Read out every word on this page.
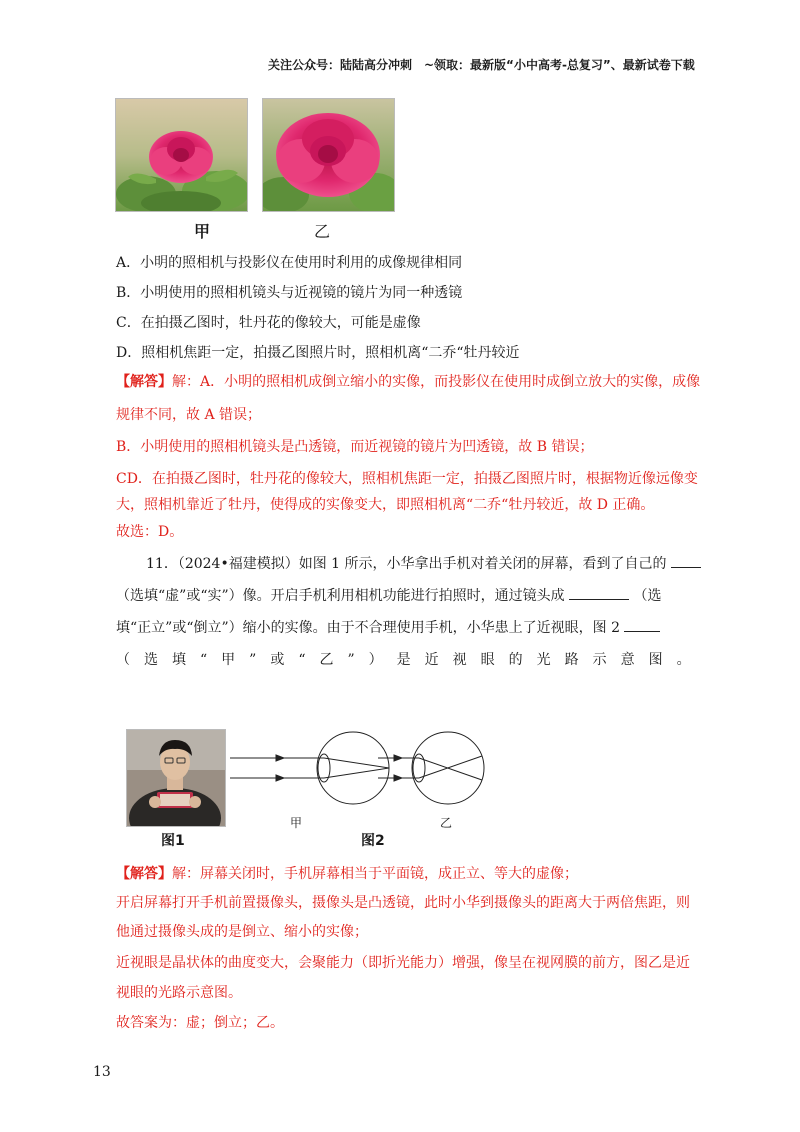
关注公众号：陆陆高分冲刺　~领取：最新版“小中高考-总复习”、最新试卷下载
甲	乙
A．小明的照相机与投影仪在使用时利用的成像规律相同
B．小明使用的照相机镜头与近视镜的镜片为同一种透镜
C．在拍摄乙图时，牡丹花的像较大，可能是虚像
D．照相机焦距一定，拍摄乙图照片时，照相机离“二乔“牡丹较近
【解答】解：A．小明的照相机成倒立缩小的实像，而投影仪在使用时成倒立放大的实像，成像
规律不同，故 A 错误；
B．小明使用的照相机镜头是凸透镜，而近视镜的镜片为凹透镜，故 B 错误；
CD．在拍摄乙图时，牡丹花的像较大，照相机焦距一定，拍摄乙图照片时，根据物近像远像变
大，照相机靠近了牡丹，使得成的实像变大，即照相机离“二乔“牡丹较近，故 D 正确。
故选：D。

11．（2024•福建模拟）如图 1 所示，小华拿出手机对着关闭的屏幕，看到了自己的

（选填“虚”或“实”）像。开启手机利用相机功能进行拍照时，通过镜头成	（选

填“正立”或“倒立”）缩小的实像。由于不合理使用手机，小华患上了近视眼，图 2

（选填“甲”或“乙”）是近视眼的光路示意图。

图1
甲
图2
乙
【解答】解：屏幕关闭时，手机屏幕相当于平面镜，成正立、等大的虚像；
开启屏幕打开手机前置摄像头，摄像头是凸透镜，此时小华到摄像头的距离大于两倍焦距，则
他通过摄像头成的是倒立、缩小的实像；
近视眼是晶状体的曲度变大，会聚能力（即折光能力）增强，像呈在视网膜的前方，图乙是近
视眼的光路示意图。
故答案为：虚；倒立；乙。
13
